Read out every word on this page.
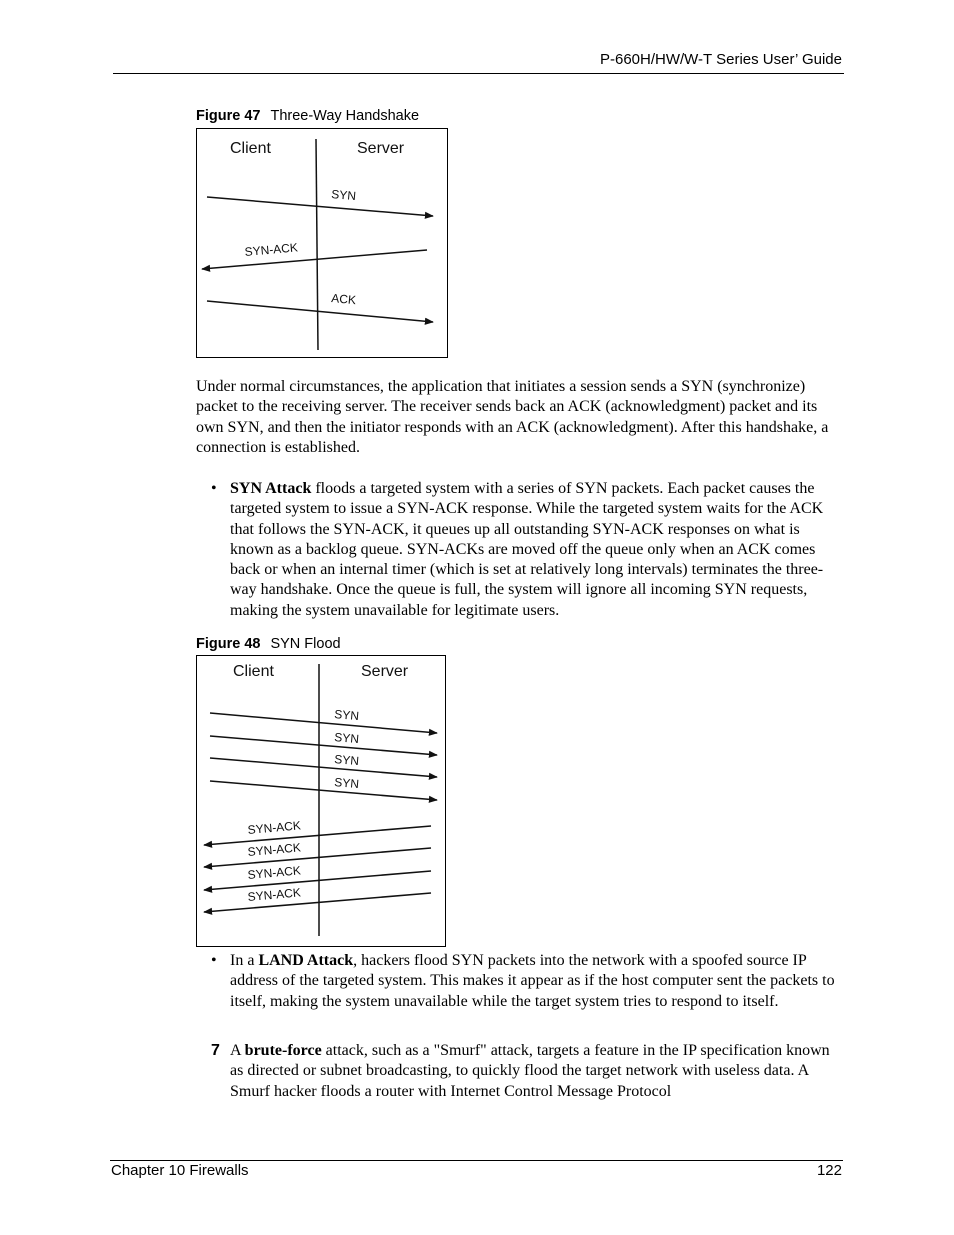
P-660H/HW/W-T Series User’ Guide
Figure 47 Three-Way Handshake
Client	Server
SYN
SYN-ACK
ACK
Under normal circumstances, the application that initiates a session sends a SYN (synchronize) packet to the receiving server. The receiver sends back an ACK (acknowledgment) packet and its own SYN, and then the initiator responds with an ACK (acknowledgment). After this handshake, a connection is established.
• SYN Attack floods a targeted system with a series of SYN packets. Each packet causes the targeted system to issue a SYN-ACK response. While the targeted system waits for the ACK that follows the SYN-ACK, it queues up all outstanding SYN-ACK responses on what is known as a backlog queue. SYN-ACKs are moved off the queue only when an ACK comes back or when an internal timer (which is set at relatively long intervals) terminates the three-way handshake. Once the queue is full, the system will ignore all incoming SYN requests, making the system unavailable for legitimate users.
Figure 48 SYN Flood
Client	Server
SYN
SYN
SYN
SYN
SYN-ACK
SYN-ACK
SYN-ACK
SYN-ACK
• In a LAND Attack, hackers flood SYN packets into the network with a spoofed source IP address of the targeted system. This makes it appear as if the host computer sent the packets to itself, making the system unavailable while the target system tries to respond to itself.
7 A brute-force attack, such as a "Smurf" attack, targets a feature in the IP specification known as directed or subnet broadcasting, to quickly flood the target network with useless data. A Smurf hacker floods a router with Internet Control Message Protocol
Chapter 10 Firewalls	122
